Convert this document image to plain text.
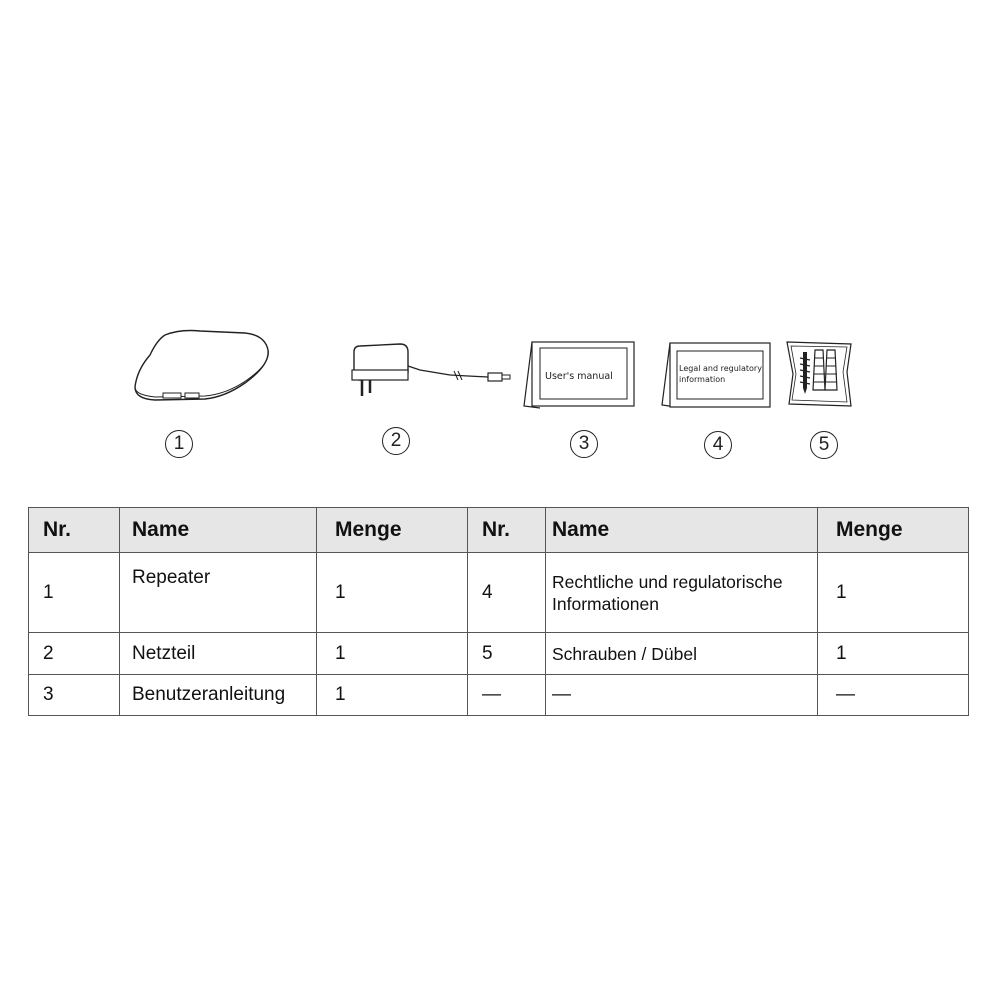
User's manual
Legal and regulatory
information
1	2	3	4	5
Nr.	Name	Menge	Nr.	Name	Menge
1	Repeater	1	4	Rechtliche und regulatorische Informationen	1
2	Netzteil	1	5	Schrauben / Dübel	1
3	Benutzeranleitung	1	—	—	—
